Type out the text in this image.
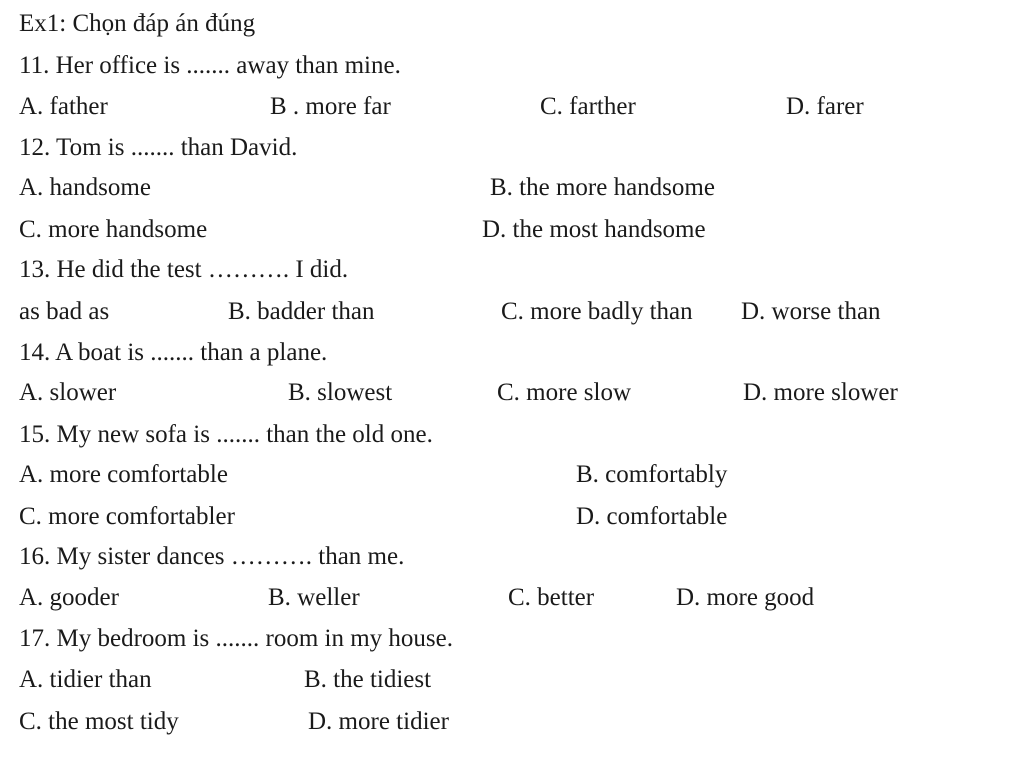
Ex1: Chọn đáp án đúng
11. Her office is ....... away than mine.
A. father	B . more far	C. farther	D. farer
12. Tom is ....... than David.
A. handsome	B. the more handsome
C. more handsome	D. the most handsome
13. He did the test ………. I did.
as bad as	B. badder than	C. more badly than D. worse than
14. A boat is ....... than a plane.
A. slower	B. slowest	C. more slow	D. more slower
15. My new sofa is ....... than the old one.
A. more comfortable	B. comfortably
C. more comfortabler	D. comfortable
16. My sister dances ………. than me.
A. gooder	B. weller	C. better	D. more good
17. My bedroom is ....... room in my house.
A. tidier than	B. the tidiest
C. the most tidy	D. more tidier
